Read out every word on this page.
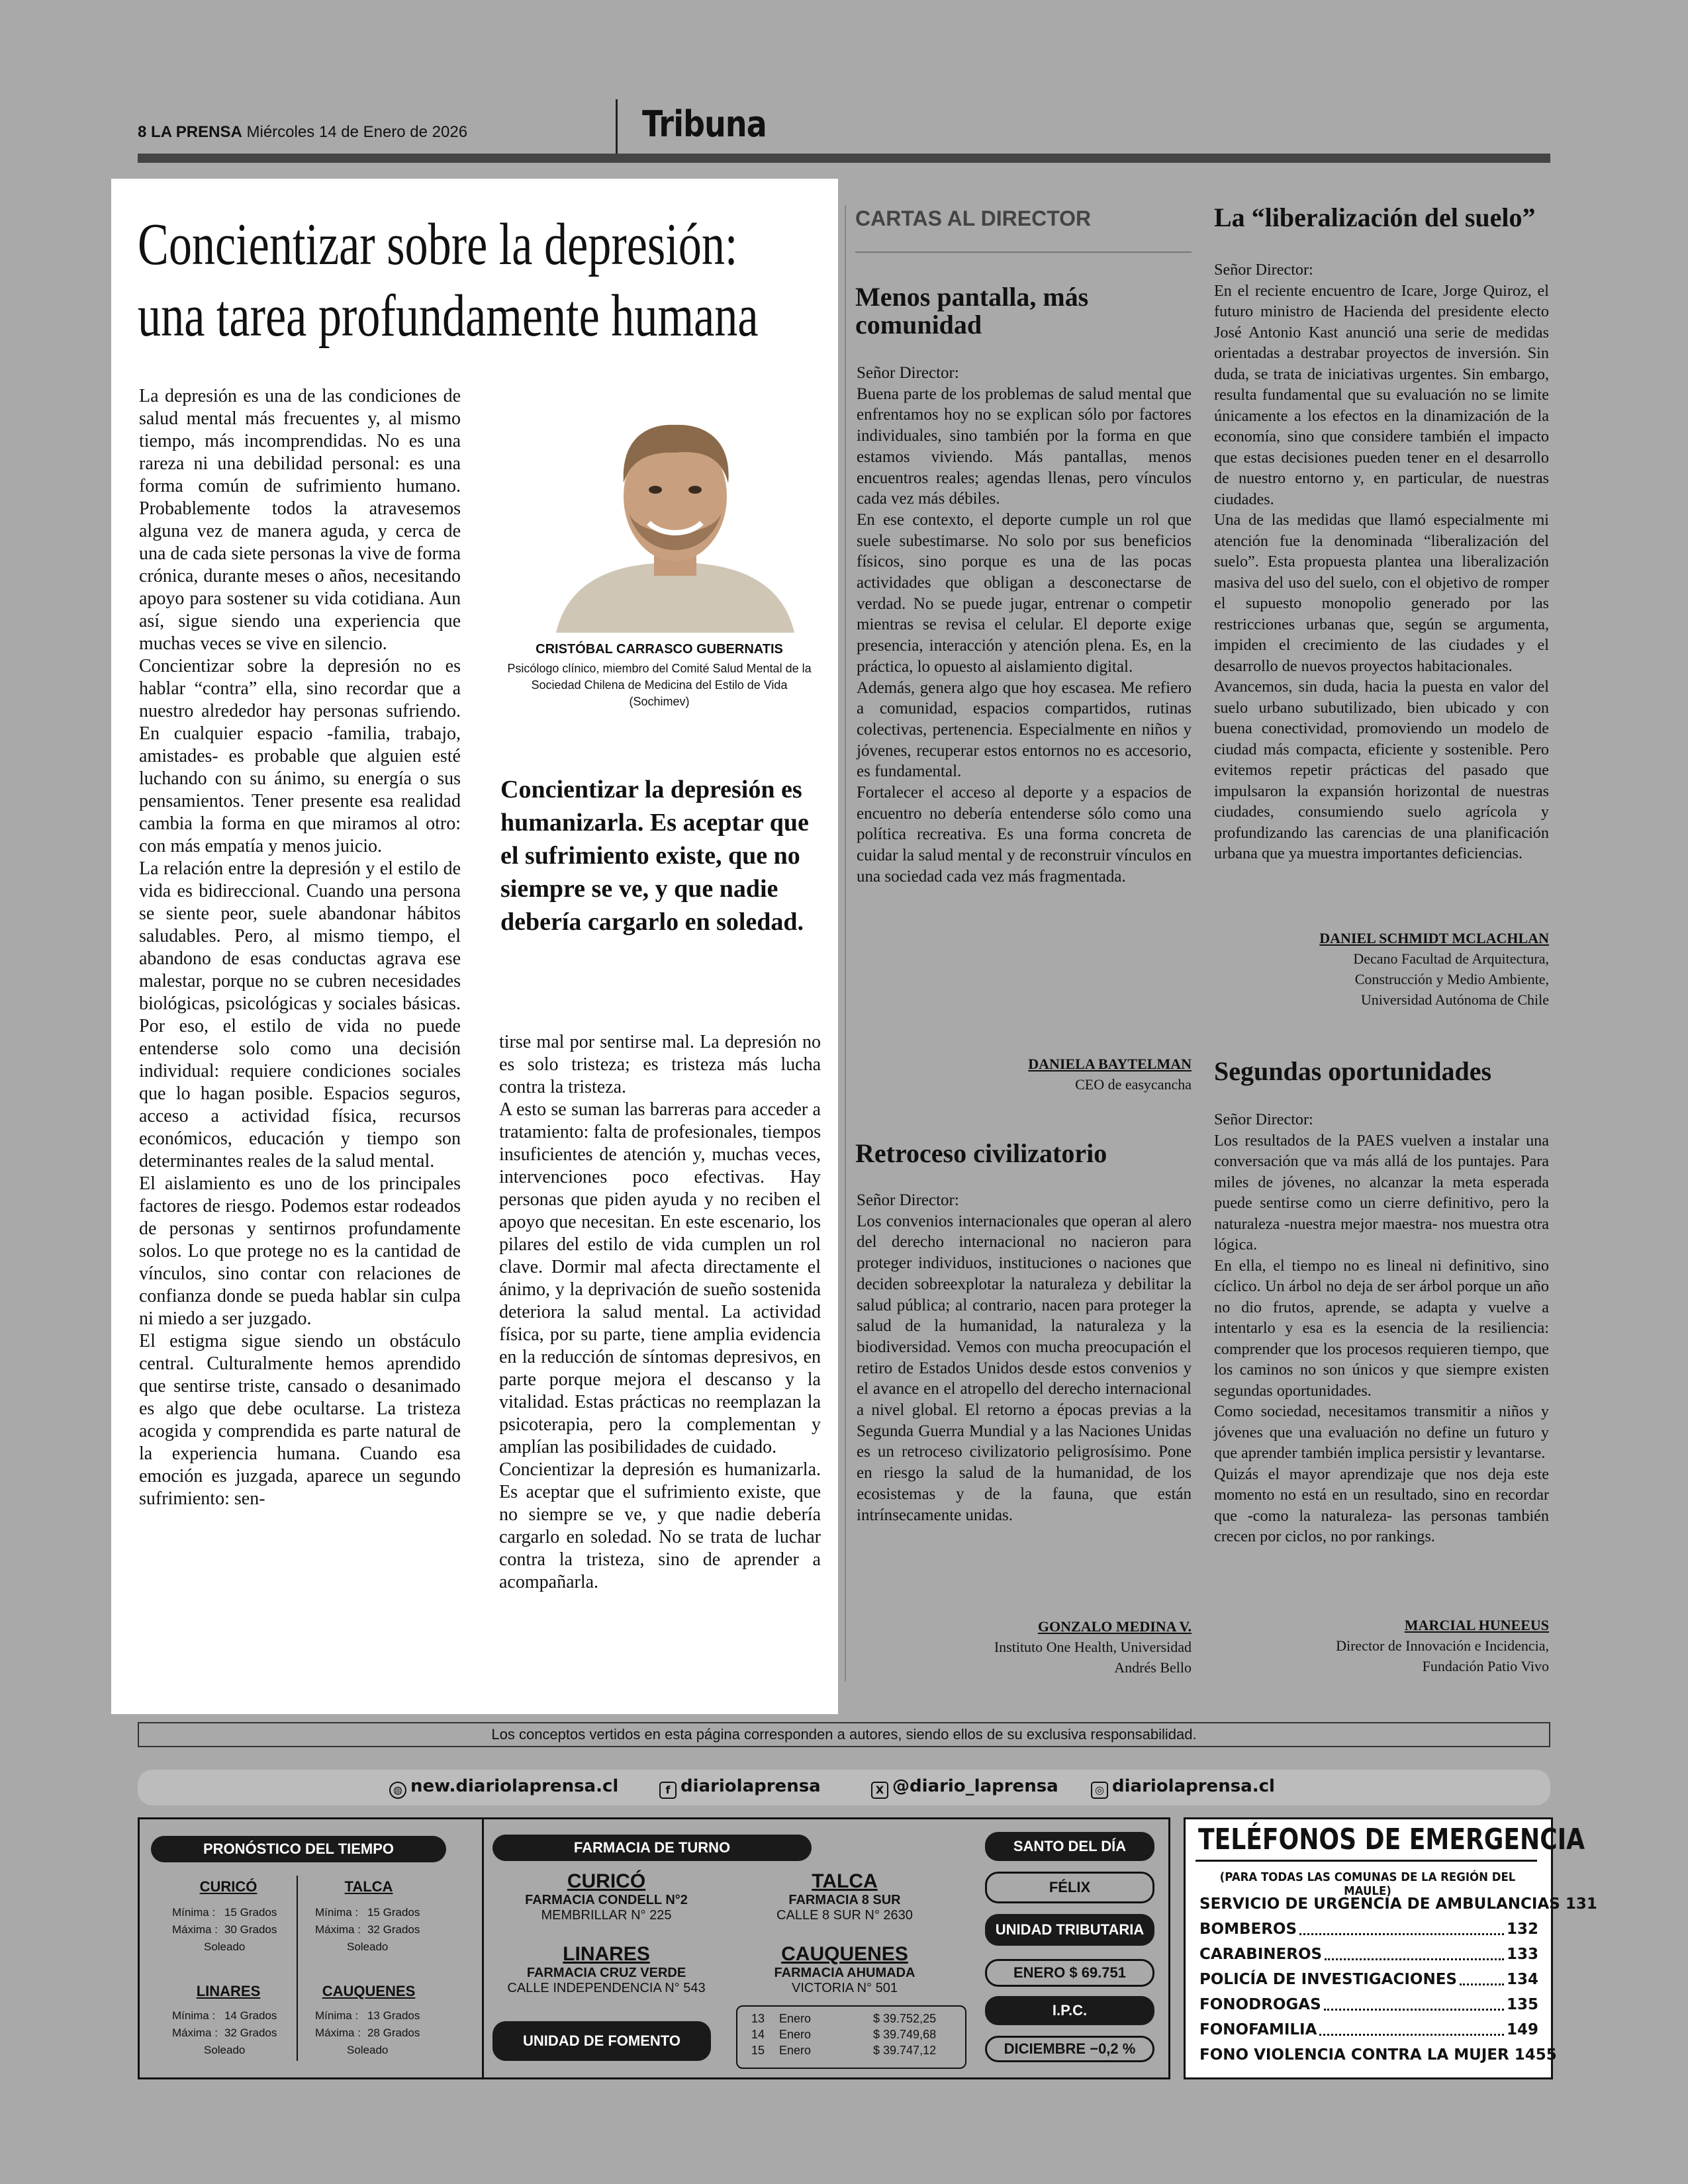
8 LA PRENSA Miércoles 14 de Enero de 2026	Tribuna
Concientizar sobre la depresión:
una tarea profundamente humana

La depresión es una de las condiciones de salud mental más frecuentes y, al mismo tiempo, más incomprendidas. No es una rareza ni una debilidad personal: es una forma común de sufrimiento humano. Probablemente todos la atravesemos alguna vez de manera aguda, y cerca de una de cada siete personas la vive de forma crónica, durante meses o años, necesitando apoyo para sostener su vida cotidiana. Aun así, sigue siendo una experiencia que muchas veces se vive en silencio.

Concientizar sobre la depresión no es hablar “contra” ella, sino recordar que a nuestro alrededor hay personas sufriendo. En cualquier espacio -familia, trabajo, amistades- es probable que alguien esté luchando con su ánimo, su energía o sus pensamientos. Tener presente esa realidad cambia la forma en que miramos al otro: con más empatía y menos juicio.

La relación entre la depresión y el estilo de vida es bidireccional. Cuando una persona se siente peor, suele abandonar hábitos saludables. Pero, al mismo tiempo, el abandono de esas conductas agrava ese malestar, porque no se cubren necesidades biológicas, psicológicas y sociales básicas. Por eso, el estilo de vida no puede entenderse solo como una decisión individual: requiere condiciones sociales que lo hagan posible. Espacios seguros, acceso a actividad física, recursos económicos, educación y tiempo son determinantes reales de la salud mental.

El aislamiento es uno de los principales factores de riesgo. Podemos estar rodeados de personas y sentirnos profundamente solos. Lo que protege no es la cantidad de vínculos, sino contar con relaciones de confianza donde se pueda hablar sin culpa ni miedo a ser juzgado.

El estigma sigue siendo un obstáculo central. Culturalmente hemos aprendido que sentirse triste, cansado o desanimado es algo que debe ocultarse. La tristeza acogida y comprendida es parte natural de la experiencia humana. Cuando esa emoción es juzgada, aparece un segundo sufrimiento: sen-

CRISTÓBAL CARRASCO GUBERNATIS
Psicólogo clínico, miembro del Comité Salud Mental de la Sociedad Chilena de Medicina del Estilo de Vida (Sochimev)
Concientizar la depresión es humanizarla. Es aceptar que el sufrimiento existe, que no siempre se ve, y que nadie debería cargarlo en soledad.

tirse mal por sentirse mal. La depresión no es solo tristeza; es tristeza más lucha contra la tristeza.

A esto se suman las barreras para acceder a tratamiento: falta de profesionales, tiempos insuficientes de atención y, muchas veces, intervenciones poco efectivas. Hay personas que piden ayuda y no reciben el apoyo que necesitan. En este escenario, los pilares del estilo de vida cumplen un rol clave. Dormir mal afecta directamente el ánimo, y la deprivación de sueño sostenida deteriora la salud mental. La actividad física, por su parte, tiene amplia evidencia en la reducción de síntomas depresivos, en parte porque mejora el descanso y la vitalidad. Estas prácticas no reemplazan la psicoterapia, pero la complementan y amplían las posibilidades de cuidado.

Concientizar la depresión es humanizarla. Es aceptar que el sufrimiento existe, que no siempre se ve, y que nadie debería cargarlo en soledad. No se trata de luchar contra la tristeza, sino de aprender a acompañarla.

CARTAS AL DIRECTOR
Menos pantalla, más comunidad

Señor Director:

Buena parte de los problemas de salud mental que enfrentamos hoy no se explican sólo por factores individuales, sino también por la forma en que estamos viviendo. Más pantallas, menos encuentros reales; agendas llenas, pero vínculos cada vez más débiles.

En ese contexto, el deporte cumple un rol que suele subestimarse. No solo por sus beneficios físicos, sino porque es una de las pocas actividades que obligan a desconectarse de verdad. No se puede jugar, entrenar o competir mientras se revisa el celular. El deporte exige presencia, interacción y atención plena. Es, en la práctica, lo opuesto al aislamiento digital.

Además, genera algo que hoy escasea. Me refiero a comunidad, espacios compartidos, rutinas colectivas, pertenencia. Especialmente en niños y jóvenes, recuperar estos entornos no es accesorio, es fundamental.

Fortalecer el acceso al deporte y a espacios de encuentro no debería entenderse sólo como una política recreativa. Es una forma concreta de cuidar la salud mental y de reconstruir vínculos en una sociedad cada vez más fragmentada.

DANIELA BAYTELMAN
CEO de easycancha
Retroceso civilizatorio

Señor Director:

Los convenios internacionales que operan al alero del derecho internacional no nacieron para proteger individuos, instituciones o naciones que deciden sobreexplotar la naturaleza y debilitar la salud pública; al contrario, nacen para proteger la salud de la humanidad, la naturaleza y la biodiversidad. Vemos con mucha preocupación el retiro de Estados Unidos desde estos convenios y el avance en el atropello del derecho internacional a nivel global. El retorno a épocas previas a la Segunda Guerra Mundial y a las Naciones Unidas es un retroceso civilizatorio peligrosísimo. Pone en riesgo la salud de la humanidad, de los ecosistemas y de la fauna, que están intrínsecamente unidas.

GONZALO MEDINA V.
Instituto One Health, Universidad
Andrés Bello
La “liberalización del suelo”

Señor Director:

En el reciente encuentro de Icare, Jorge Quiroz, el futuro ministro de Hacienda del presidente electo José Antonio Kast anunció una serie de medidas orientadas a destrabar proyectos de inversión. Sin duda, se trata de iniciativas urgentes. Sin embargo, resulta fundamental que su evaluación no se limite únicamente a los efectos en la dinamización de la economía, sino que considere también el impacto que estas decisiones pueden tener en el desarrollo de nuestro entorno y, en particular, de nuestras ciudades.

Una de las medidas que llamó especialmente mi atención fue la denominada “liberalización del suelo”. Esta propuesta plantea una liberalización masiva del uso del suelo, con el objetivo de romper el supuesto monopolio generado por las restricciones urbanas que, según se argumenta, impiden el crecimiento de las ciudades y el desarrollo de nuevos proyectos habitacionales.

Avancemos, sin duda, hacia la puesta en valor del suelo urbano subutilizado, bien ubicado y con buena conectividad, promoviendo un modelo de ciudad más compacta, eficiente y sostenible. Pero evitemos repetir prácticas del pasado que impulsaron la expansión horizontal de nuestras ciudades, consumiendo suelo agrícola y profundizando las carencias de una planificación urbana que ya muestra importantes deficiencias.

DANIEL SCHMIDT MCLACHLAN
Decano Facultad de Arquitectura,
Construcción y Medio Ambiente,
Universidad Autónoma de Chile
Segundas oportunidades

Señor Director:

Los resultados de la PAES vuelven a instalar una conversación que va más allá de los puntajes. Para miles de jóvenes, no alcanzar la meta esperada puede sentirse como un cierre definitivo, pero la naturaleza -nuestra mejor maestra- nos muestra otra lógica.

En ella, el tiempo no es lineal ni definitivo, sino cíclico. Un árbol no deja de ser árbol porque un año no dio frutos, aprende, se adapta y vuelve a intentarlo y esa es la esencia de la resiliencia: comprender que los procesos requieren tiempo, que los caminos no son únicos y que siempre existen segundas oportunidades.

Como sociedad, necesitamos transmitir a niños y jóvenes que una evaluación no define un futuro y que aprender también implica persistir y levantarse.

Quizás el mayor aprendizaje que nos deja este momento no está en un resultado, sino en recordar que -como la naturaleza- las personas también crecen por ciclos, no por rankings.

MARCIAL HUNEEUS
Director de Innovación e Incidencia,
Fundación Patio Vivo
Los conceptos vertidos en esta página corresponden a autores, siendo ellos de su exclusiva responsabilidad.
◍ new.diariolaprensa.cl	f diariolaprensa	X @diario_laprensa	◎ diariolaprensa.cl
PRONÓSTICO DEL TIEMPO
CURICÓ
Mínima :	15 Grados
Máxima :	30 Grados
Soleado	
TALCA
Mínima :	15 Grados
Máxima :	32 Grados
Soleado	
LINARES
Mínima :	14 Grados
Máxima :	32 Grados
Soleado	
CAUQUENES
Mínima :	13 Grados
Máxima :	28 Grados
Soleado	
FARMACIA DE TURNO
CURICÓ
FARMACIA CONDELL N°2
MEMBRILLAR N° 225
TALCA
FARMACIA 8 SUR
CALLE 8 SUR N° 2630
LINARES
FARMACIA CRUZ VERDE
CALLE INDEPENDENCIA N° 543
CAUQUENES
FARMACIA AHUMADA
VICTORIA N° 501
UNIDAD DE FOMENTO
13	Enero	$ 39.752,25
14	Enero	$ 39.749,68
15	Enero	$ 39.747,12
SANTO DEL DÍA
FÉLIX
UNIDAD TRIBUTARIA
ENERO $ 69.751
I.P.C.
DICIEMBRE −0,2 %
TELÉFONOS DE EMERGENCIA
(PARA TODAS LAS COMUNAS DE LA REGIÓN DEL MAULE)
SERVICIO DE URGENCIA DE AMBULANCIAS 131
BOMBEROS	132
CARABINEROS	133
POLICÍA DE INVESTIGACIONES	134
FONODROGAS	135
FONOFAMILIA	149
FONO VIOLENCIA CONTRA LA MUJER 1455
